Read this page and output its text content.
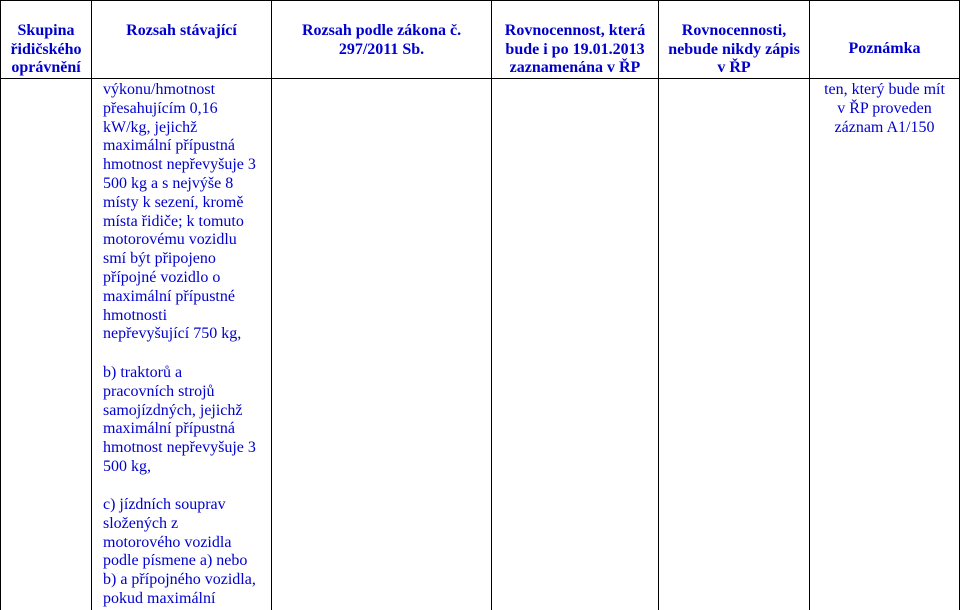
Skupina
řidičského
oprávnění
Rozsah stávající	Rozsah podle zákona č.
297/2011 Sb.
Rovnocennost, která
bude i po 19.01.2013
zaznamenána v ŘP
Rovnocennosti,
nebude nikdy zápis
v ŘP
Poznámka

výkonu/hmotnost

přesahujícím 0,16

kW/kg, jejichž

maximální přípustná

hmotnost nepřevyšuje 3

500 kg a s nejvýše 8

místy k sezení, kromě

místa řidiče; k tomuto

motorovému vozidlu

smí být připojeno

přípojné vozidlo o

maximální přípustné

hmotnosti

nepřevyšující 750 kg,

b) traktorů a

pracovních strojů

samojízdných, jejichž

maximální přípustná

hmotnost nepřevyšuje 3

500 kg,

c) jízdních souprav

složených z

motorového vozidla

podle písmene a) nebo

b) a přípojného vozidla,

pokud maximální

ten, který bude mít
v ŘP proveden
záznam A1/150
